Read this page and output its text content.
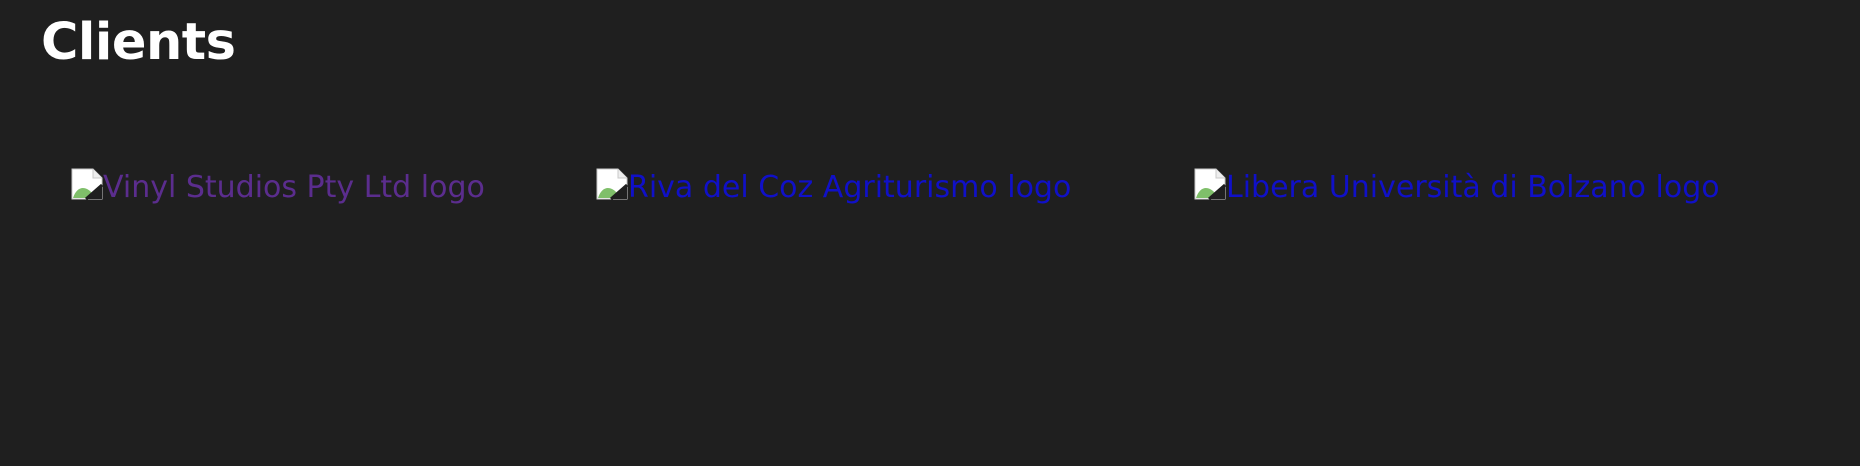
Clients
Vinyl Studios Pty Ltd logo	Riva del Coz Agriturismo logo	Libera Università di Bolzano logo
